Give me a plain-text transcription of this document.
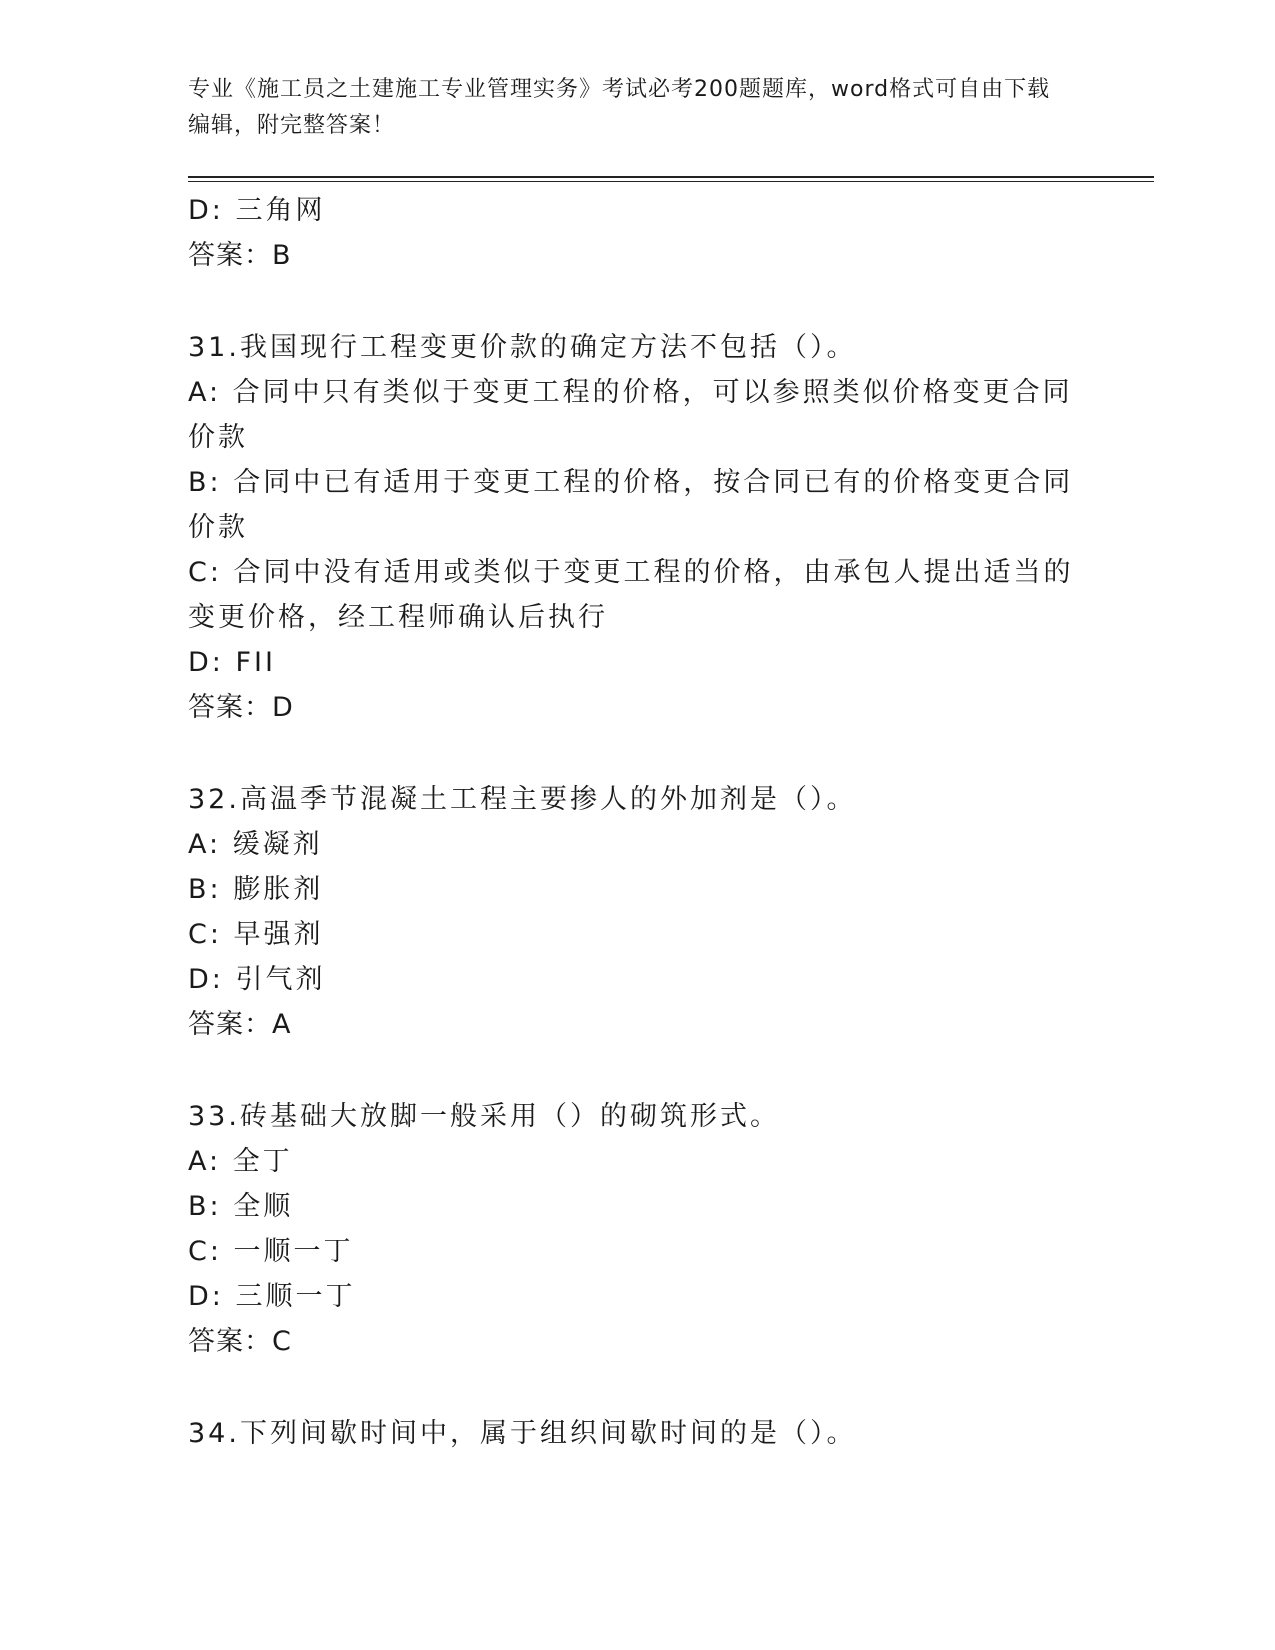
专业《施工员之土建施工专业管理实务》考试必考200题题库，word格式可自由下载编辑，附完整答案！
D: 三角网
答案：B
31.我国现行工程变更价款的确定方法不包括（）。
A: 合同中只有类似于变更工程的价格，可以参照类似价格变更合同价款
B: 合同中已有适用于变更工程的价格，按合同已有的价格变更合同价款
C: 合同中没有适用或类似于变更工程的价格，由承包人提出适当的变更价格，经工程师确认后执行
D: FII
答案：D
32.高温季节混凝土工程主要掺人的外加剂是（）。
A: 缓凝剂
B: 膨胀剂
C: 早强剂
D: 引气剂
答案：A
33.砖基础大放脚一般采用（）的砌筑形式。
A: 全丁
B: 全顺
C: 一顺一丁
D: 三顺一丁
答案：C
34.下列间歇时间中，属于组织间歇时间的是（）。
